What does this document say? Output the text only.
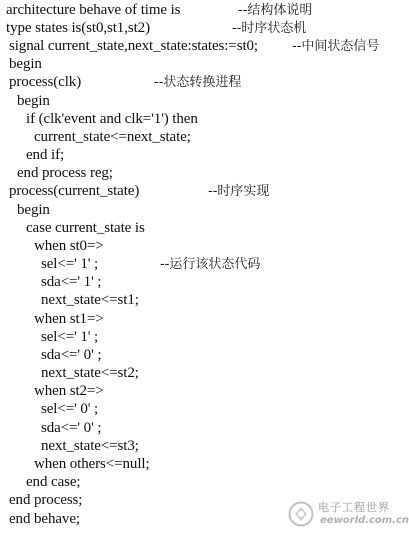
architecture behave of time is	--结构体说明
type states is(st0,st1,st2)	--时序状态机
signal current_state,next_state:states:=st0;	--中间状态信号
begin
process(clk)	--状态转换进程
begin
if (clk'event and clk='1') then
current_state<=next_state;
end if;
end process reg;
process(current_state)	--时序实现
begin
case current_state is
when st0=>
sel<=' 1' ;	--运行该状态代码
sda<=' 1' ;
next_state<=st1;
when st1=>
sel<=' 1' ;
sda<=' 0' ;
next_state<=st2;
when st2=>
sel<=' 0' ;
sda<=' 0' ;
next_state<=st3;
when others<=null;
end case;
end process;
end behave;
电子工程世界
eeworld.com.cn
